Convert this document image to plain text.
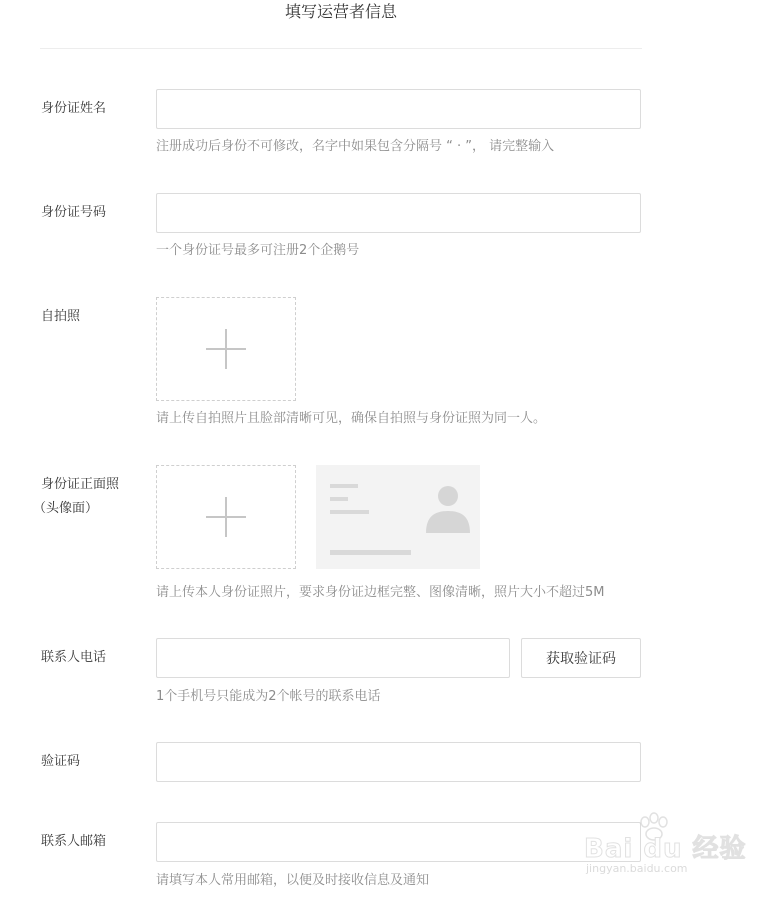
填写运营者信息
身份证姓名
注册成功后身份不可修改，名字中如果包含分隔号 “ · ”， 请完整输入
身份证号码
一个身份证号最多可注册2个企鹅号
自拍照
请上传自拍照片且脸部清晰可见，确保自拍照与身份证照为同一人。
身份证正面照
（头像面）
请上传本人身份证照片，要求身份证边框完整、图像清晰，照片大小不超过5M
联系人电话	获取验证码
1个手机号只能成为2个帐号的联系电话
验证码
联系人邮箱
请填写本人常用邮箱，以便及时接收信息及通知
Bai du 经验
jingyan.baidu.com
